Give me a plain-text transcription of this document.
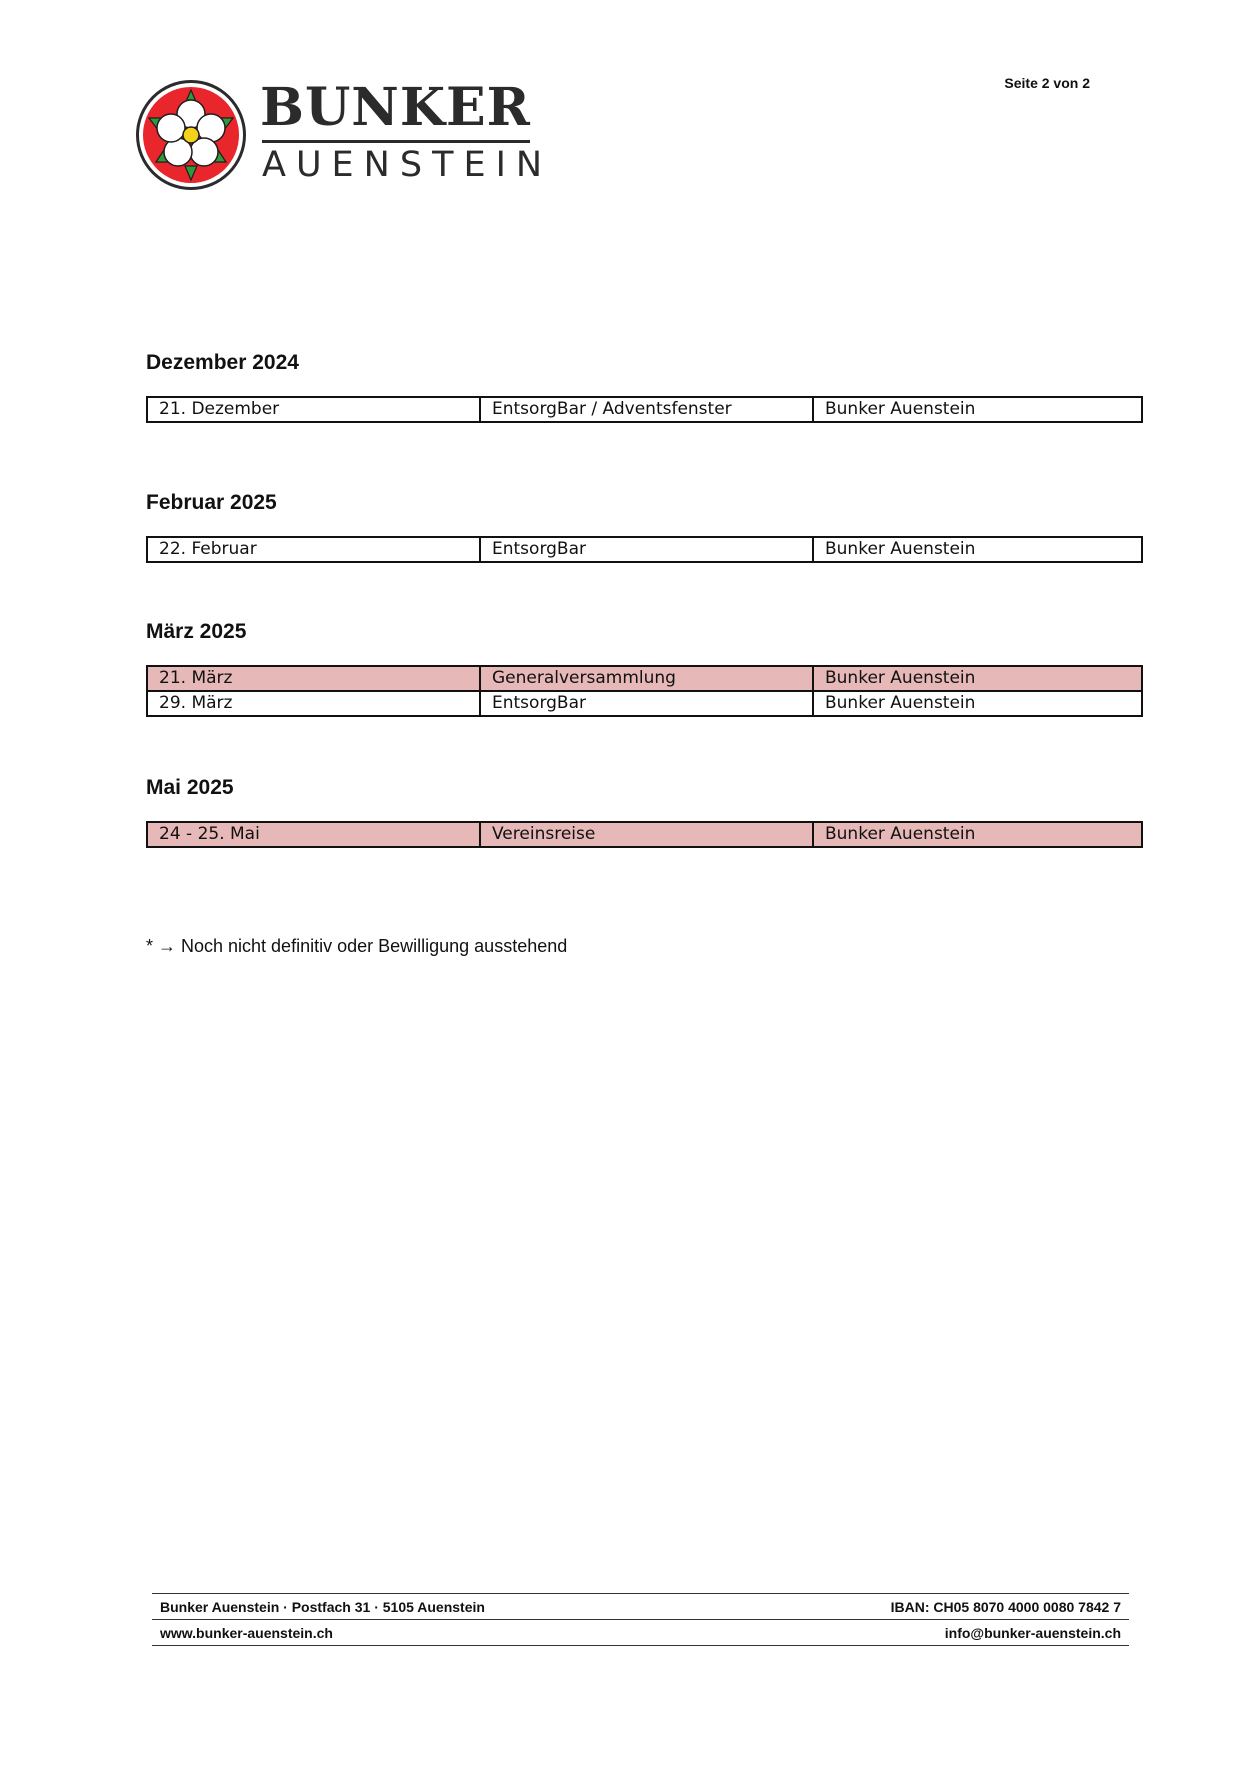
BUNKER
AUENSTEIN
Seite 2 von 2
Dezember 2024
21. Dezember	EntsorgBar / Adventsfenster	Bunker Auenstein
Februar 2025
22. Februar	EntsorgBar	Bunker Auenstein
März 2025
21. März	Generalversammlung	Bunker Auenstein
29. März	EntsorgBar	Bunker Auenstein
Mai 2025
24 - 25. Mai	Vereinsreise	Bunker Auenstein
* → Noch nicht definitiv oder Bewilligung ausstehend
Bunker Auenstein · Postfach 31 · 5105 Auenstein	IBAN: CH05 8070 4000 0080 7842 7
www.bunker-auenstein.ch	info@bunker-auenstein.ch
